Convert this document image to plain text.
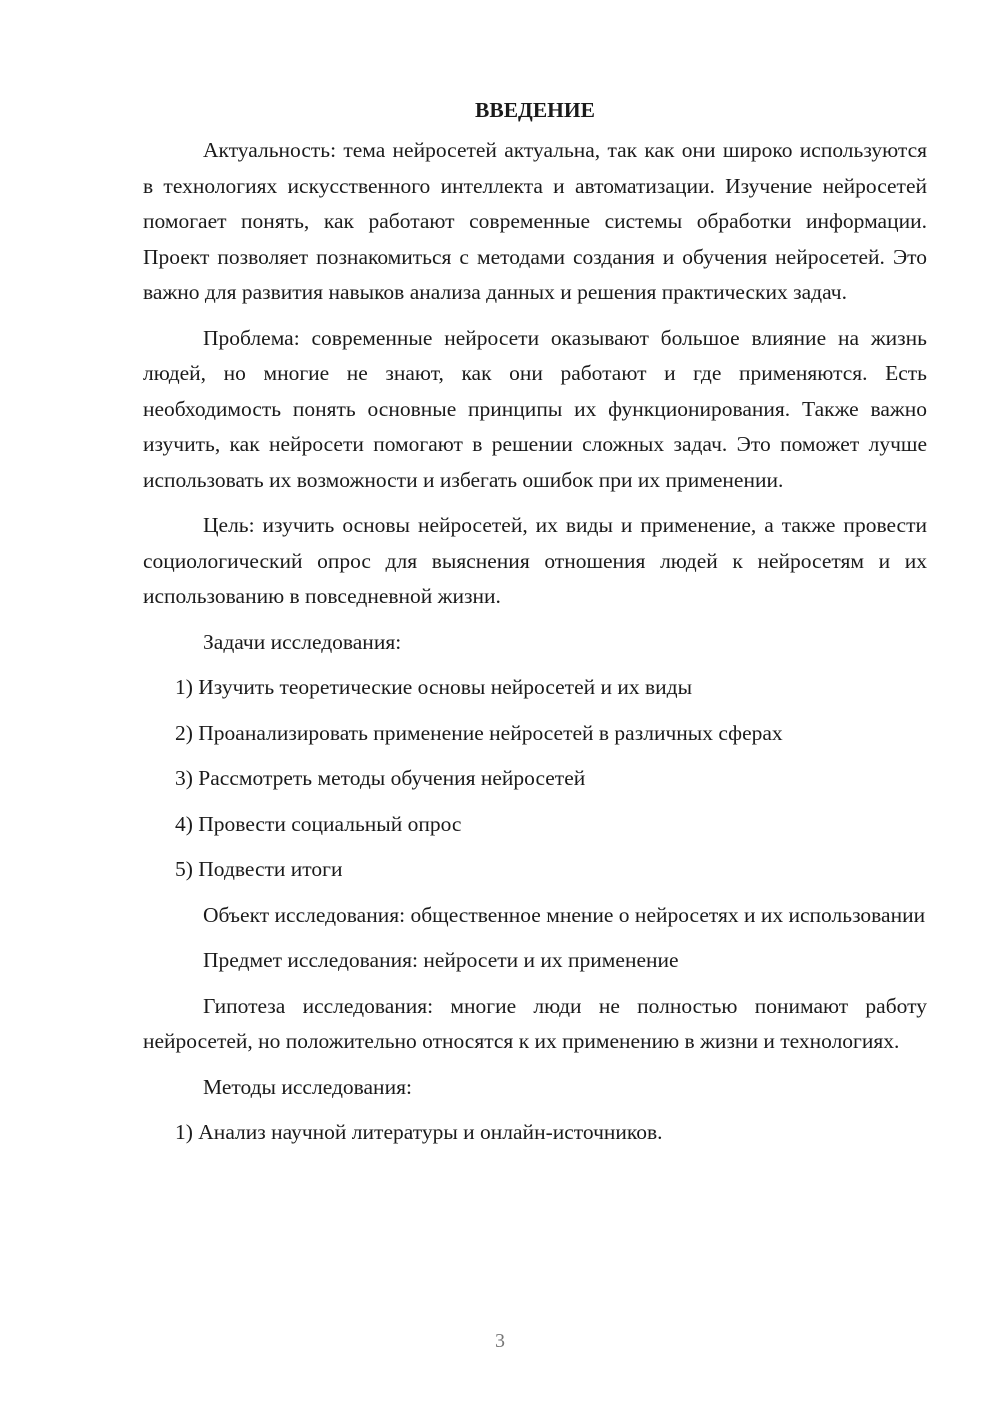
ВВЕДЕНИЕ

Актуальность: тема нейросетей актуальна, так как они широко используются в технологиях искусственного интеллекта и автоматизации. Изучение нейросетей помогает понять, как работают современные системы обработки информации. Проект позволяет познакомиться с методами создания и обучения нейросетей. Это важно для развития навыков анализа данных и решения практических задач.

Проблема: современные нейросети оказывают большое влияние на жизнь людей, но многие не знают, как они работают и где применяются. Есть необходимость понять основные принципы их функционирования. Также важно изучить, как нейросети помогают в решении сложных задач. Это поможет лучше использовать их возможности и избегать ошибок при их применении.

Цель: изучить основы нейросетей, их виды и применение, а также провести социологический опрос для выяснения отношения людей к нейросетям и их использованию в повседневной жизни.

Задачи исследования:

1) Изучить теоретические основы нейросетей и их виды

2) Проанализировать применение нейросетей в различных сферах

3) Рассмотреть методы обучения нейросетей

4) Провести социальный опрос

5) Подвести итоги

Объект исследования: общественное мнение о нейросетях и их использовании

Предмет исследования: нейросети и их применение

Гипотеза исследования: многие люди не полностью понимают работу нейросетей, но положительно относятся к их применению в жизни и технологиях.

Методы исследования:

1) Анализ научной литературы и онлайн-источников.

3
